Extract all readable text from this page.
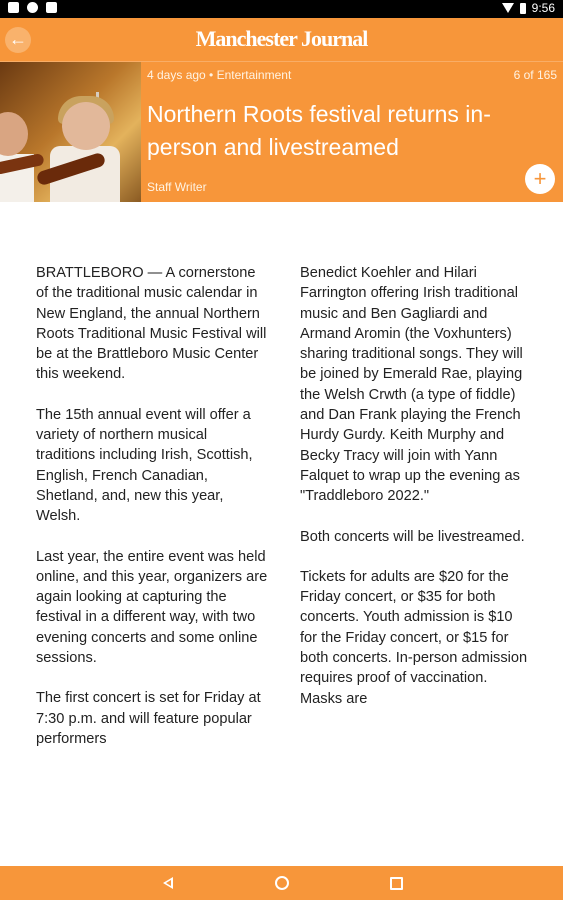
9:56
←	Manchester Journal
4 days ago • Entertainment	6 of 165
Northern Roots festival returns in-person and livestreamed
Staff Writer	+

BRATTLEBORO — A cornerstone of the traditional music calendar in New England, the annual Northern Roots Traditional Music Festival will be at the Brattleboro Music Center this weekend.

The 15th annual event will offer a variety of northern musical traditions including Irish, Scottish, English, French Canadian, Shetland, and, new this year, Welsh.

Last year, the entire event was held online, and this year, organizers are again looking at capturing the festival in a different way, with two evening concerts and some online sessions.

The first concert is set for Friday at 7:30 p.m. and will feature popular performers

Benedict Koehler and Hilari Farrington offering Irish traditional music and Ben Gagliardi and Armand Aromin (the Voxhunters) sharing traditional songs. They will be joined by Emerald Rae, playing the Welsh Crwth (a type of fiddle) and Dan Frank playing the French Hurdy Gurdy. Keith Murphy and Becky Tracy will join with Yann Falquet to wrap up the evening as "Traddleboro 2022."

Both concerts will be livestreamed.

Tickets for adults are $20 for the Friday concert, or $35 for both concerts. Youth admission is $10 for the Friday concert, or $15 for both concerts. In-person admission requires proof of vaccination. Masks are
